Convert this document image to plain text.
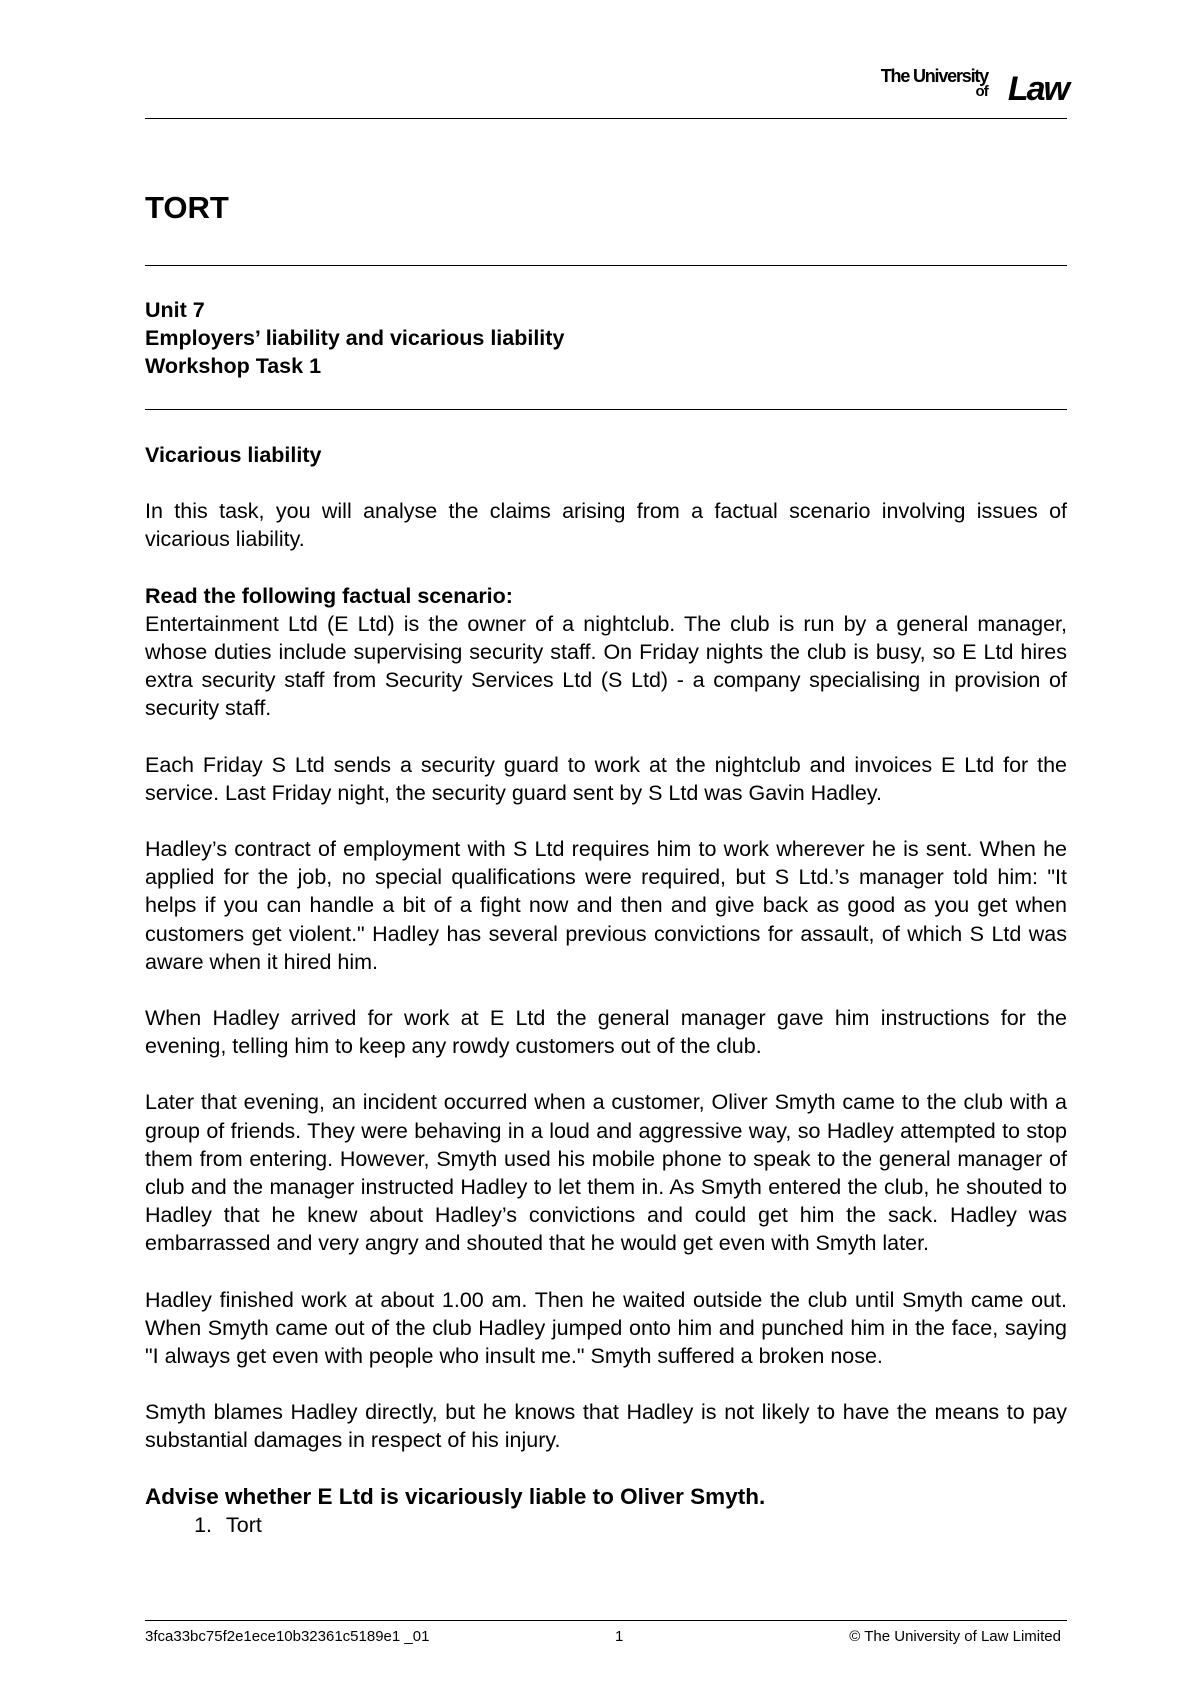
The University
of Law
TORT
Unit 7
Employers’ liability and vicarious liability
Workshop Task 1

Vicarious liability

In this task, you will analyse the claims arising from a factual scenario involving issues of vicarious liability.

Read the following factual scenario:

Entertainment Ltd (E Ltd) is the owner of a nightclub. The club is run by a general manager, whose duties include supervising security staff. On Friday nights the club is busy, so E Ltd hires extra security staff from Security Services Ltd (S Ltd) - a company specialising in provision of security staff.

Each Friday S Ltd sends a security guard to work at the nightclub and invoices E Ltd for the service. Last Friday night, the security guard sent by S Ltd was Gavin Hadley.

Hadley’s contract of employment with S Ltd requires him to work wherever he is sent. When he applied for the job, no special qualifications were required, but S Ltd.’s manager told him: "It helps if you can handle a bit of a fight now and then and give back as good as you get when customers get violent." Hadley has several previous convictions for assault, of which S Ltd was aware when it hired him.

When Hadley arrived for work at E Ltd the general manager gave him instructions for the evening, telling him to keep any rowdy customers out of the club.

Later that evening, an incident occurred when a customer, Oliver Smyth came to the club with a group of friends. They were behaving in a loud and aggressive way, so Hadley attempted to stop them from entering. However, Smyth used his mobile phone to speak to the general manager of club and the manager instructed Hadley to let them in. As Smyth entered the club, he shouted to Hadley that he knew about Hadley’s convictions and could get him the sack. Hadley was embarrassed and very angry and shouted that he would get even with Smyth later.

Hadley finished work at about 1.00 am. Then he waited outside the club until Smyth came out. When Smyth came out of the club Hadley jumped onto him and punched him in the face, saying "I always get even with people who insult me." Smyth suffered a broken nose.

Smyth blames Hadley directly, but he knows that Hadley is not likely to have the means to pay substantial damages in respect of his injury.

Advise whether E Ltd is vicariously liable to Oliver Smyth.

1. Tort
3fca33bc75f2e1ece10b32361c5189e1 _01	1	© The University of Law Limited
